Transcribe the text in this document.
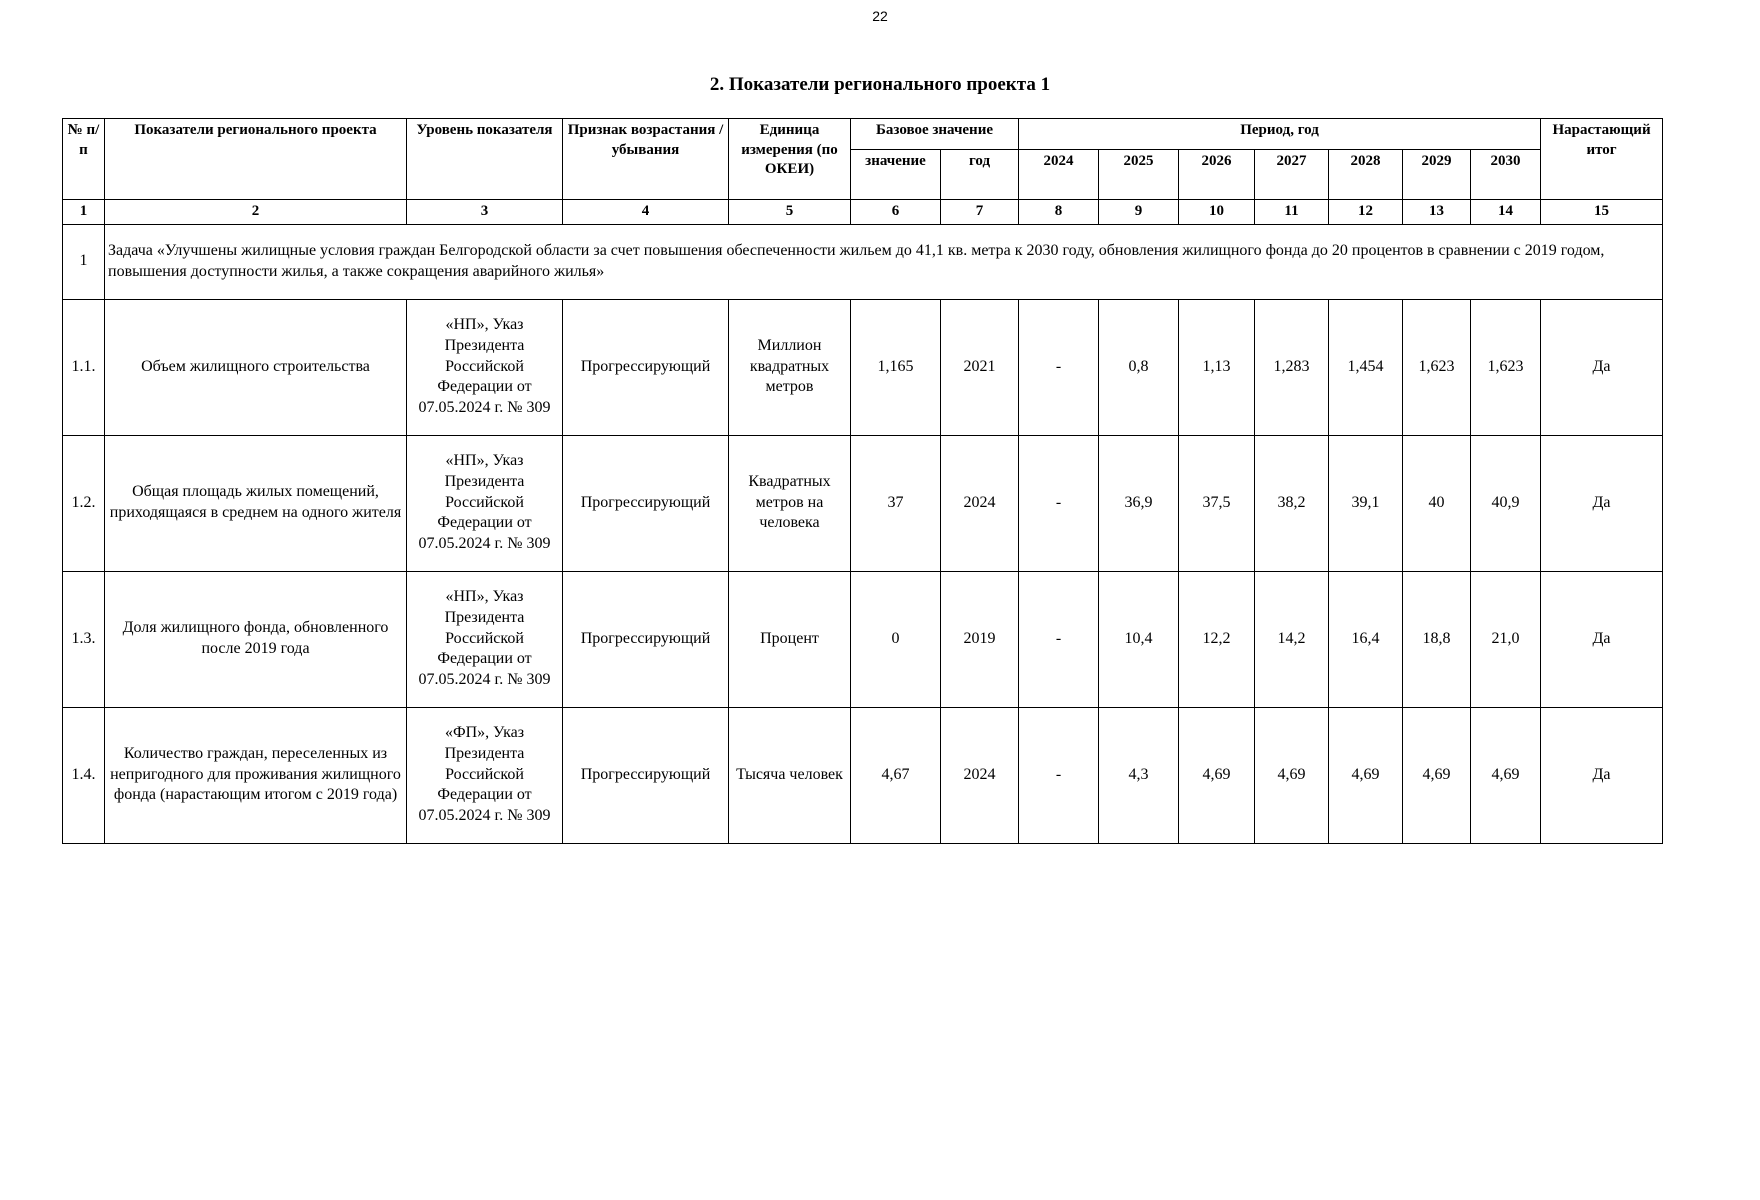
22
2. Показатели регионального проекта 1
№ п/п	Показатели регионального проекта	Уровень показателя	Признак возрастания / убывания	Единица измерения (по ОКЕИ)	Базовое значение		Период, год							Нарастающий итог
					значение	год	2024	2025	2026	2027	2028	2029	2030	
1	2	3	4	5	6	7	8	9	10	11	12	13	14	15
1	Задача «Улучшены жилищные условия граждан Белгородской области за счет повышения обеспеченности жильем до 41,1 кв. метра к 2030 году, обновления жилищного фонда до 20 процентов в сравнении с 2019 годом, повышения доступности жилья, а также сокращения аварийного жилья»													
1.1.	Объем жилищного строительства	«НП», Указ Президента Российской Федерации от 07.05.2024 г. № 309	Прогрессирующий	Миллион квадратных метров	1,165	2021	-	0,8	1,13	1,283	1,454	1,623	1,623	Да
1.2.	Общая площадь жилых помещений, приходящаяся в среднем на одного жителя	«НП», Указ Президента Российской Федерации от 07.05.2024 г. № 309	Прогрессирующий	Квадратных метров на человека	37	2024	-	36,9	37,5	38,2	39,1	40	40,9	Да
1.3.	Доля жилищного фонда, обновленного после 2019 года	«НП», Указ Президента Российской Федерации от 07.05.2024 г. № 309	Прогрессирующий	Процент	0	2019	-	10,4	12,2	14,2	16,4	18,8	21,0	Да
1.4.	Количество граждан, переселенных из непригодного для проживания жилищного фонда (нарастающим итогом с 2019 года)	«ФП», Указ Президента Российской Федерации от 07.05.2024 г. № 309	Прогрессирующий	Тысяча человек	4,67	2024	-	4,3	4,69	4,69	4,69	4,69	4,69	Да
